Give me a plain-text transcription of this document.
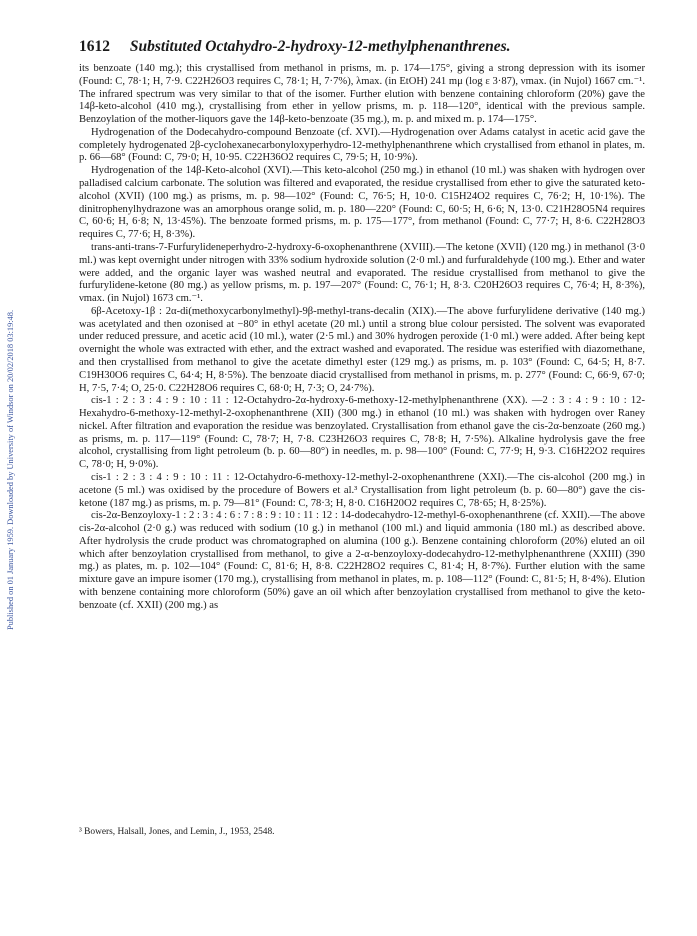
Published on 01 January 1959. Downloaded by University of Windsor on 20/02/2018 03:19:48.
1612 Substituted Octahydro-2-hydroxy-12-methylphenanthrenes.

its benzoate (140 mg.); this crystallised from methanol in prisms, m. p. 174—175°, giving a strong depression with its isomer (Found: C, 78·1; H, 7·9. C22H26O3 requires C, 78·1; H, 7·7%), λmax. (in EtOH) 241 mμ (log ε 3·87), νmax. (in Nujol) 1667 cm.⁻¹. The infrared spectrum was very similar to that of the isomer. Further elution with benzene containing chloroform (20%) gave the 14β-keto-alcohol (410 mg.), crystallising from ether in yellow prisms, m. p. 118—120°, identical with the previous sample. Benzoylation of the mother-liquors gave the 14β-keto-benzoate (35 mg.), m. p. and mixed m. p. 174—175°.

Hydrogenation of the Dodecahydro-compound Benzoate (cf. XVI).—Hydrogenation over Adams catalyst in acetic acid gave the completely hydrogenated 2β-cyclohexanecarbonyloxyperhydro-12-methylphenanthrene which crystallised from ethanol in plates, m. p. 66—68° (Found: C, 79·0; H, 10·95. C22H36O2 requires C, 79·5; H, 10·9%).

Hydrogenation of the 14β-Keto-alcohol (XVI).—This keto-alcohol (250 mg.) in ethanol (10 ml.) was shaken with hydrogen over palladised calcium carbonate. The solution was filtered and evaporated, the residue crystallised from ether to give the saturated keto-alcohol (XVII) (100 mg.) as prisms, m. p. 98—102° (Found: C, 76·5; H, 10·0. C15H24O2 requires C, 76·2; H, 10·1%). The dinitrophenylhydrazone was an amorphous orange solid, m. p. 180—220° (Found: C, 60·5; H, 6·6; N, 13·0. C21H28O5N4 requires C, 60·6; H, 6·8; N, 13·45%). The benzoate formed prisms, m. p. 175—177°, from methanol (Found: C, 77·7; H, 8·6. C22H28O3 requires C, 77·6; H, 8·3%).

trans-anti-trans-7-Furfurylideneperhydro-2-hydroxy-6-oxophenanthrene (XVIII).—The ketone (XVII) (120 mg.) in methanol (3·0 ml.) was kept overnight under nitrogen with 33% sodium hydroxide solution (2·0 ml.) and furfuraldehyde (100 mg.). Ether and water were added, and the organic layer was washed neutral and evaporated. The residue crystallised from methanol to give the furfurylidene-ketone (80 mg.) as yellow prisms, m. p. 197—207° (Found: C, 76·1; H, 8·3. C20H26O3 requires C, 76·4; H, 8·3%), νmax. (in Nujol) 1673 cm.⁻¹.

6β-Acetoxy-1β : 2α-di(methoxycarbonylmethyl)-9β-methyl-trans-decalin (XIX).—The above furfurylidene derivative (140 mg.) was acetylated and then ozonised at −80° in ethyl acetate (20 ml.) until a strong blue colour persisted. The solvent was evaporated under reduced pressure, and acetic acid (10 ml.), water (2·5 ml.) and 30% hydrogen peroxide (1·0 ml.) were added. After being kept overnight the whole was extracted with ether, and the extract washed and evaporated. The residue was esterified with diazomethane, and then crystallised from methanol to give the acetate dimethyl ester (129 mg.) as prisms, m. p. 103° (Found: C, 64·5; H, 8·7. C19H30O6 requires C, 64·4; H, 8·5%). The benzoate diacid crystallised from methanol in prisms, m. p. 277° (Found: C, 66·9, 67·0; H, 7·5, 7·4; O, 25·0. C22H28O6 requires C, 68·0; H, 7·3; O, 24·7%).

cis-1 : 2 : 3 : 4 : 9 : 10 : 11 : 12-Octahydro-2α-hydroxy-6-methoxy-12-methylphenanthrene (XX). —2 : 3 : 4 : 9 : 10 : 12-Hexahydro-6-methoxy-12-methyl-2-oxophenanthrene (XII) (300 mg.) in ethanol (10 ml.) was shaken with hydrogen over Raney nickel. After filtration and evaporation the residue was benzoylated. Crystallisation from ethanol gave the cis-2α-benzoate (260 mg.) as prisms, m. p. 117—119° (Found: C, 78·7; H, 7·8. C23H26O3 requires C, 78·8; H, 7·5%). Alkaline hydrolysis gave the free alcohol, crystallising from light petroleum (b. p. 60—80°) in needles, m. p. 98—100° (Found: C, 77·9; H, 9·3. C16H22O2 requires C, 78·0; H, 9·0%).

cis-1 : 2 : 3 : 4 : 9 : 10 : 11 : 12-Octahydro-6-methoxy-12-methyl-2-oxophenanthrene (XXI).—The cis-alcohol (200 mg.) in acetone (5 ml.) was oxidised by the procedure of Bowers et al.³ Crystallisation from light petroleum (b. p. 60—80°) gave the cis-ketone (187 mg.) as prisms, m. p. 79—81° (Found: C, 78·3; H, 8·0. C16H20O2 requires C, 78·65; H, 8·25%).

cis-2α-Benzoyloxy-1 : 2 : 3 : 4 : 6 : 7 : 8 : 9 : 10 : 11 : 12 : 14-dodecahydro-12-methyl-6-oxophenanthrene (cf. XXII).—The above cis-2α-alcohol (2·0 g.) was reduced with sodium (10 g.) in methanol (100 ml.) and liquid ammonia (180 ml.) as described above. After hydrolysis the crude product was chromatographed on alumina (100 g.). Benzene containing chloroform (20%) eluted an oil which after benzoylation crystallised from methanol, to give a 2-α-benzoyloxy-dodecahydro-12-methylphenanthrene (XXIII) (390 mg.) as plates, m. p. 102—104° (Found: C, 81·6; H, 8·8. C22H28O2 requires C, 81·4; H, 8·7%). Further elution with the same mixture gave an impure isomer (170 mg.), crystallising from methanol in plates, m. p. 108—112° (Found: C, 81·5; H, 8·4%). Elution with benzene containing more chloroform (50%) gave an oil which after benzoylation crystallised from methanol to give the keto-benzoate (cf. XXII) (200 mg.) as

³ Bowers, Halsall, Jones, and Lemin, J., 1953, 2548.
